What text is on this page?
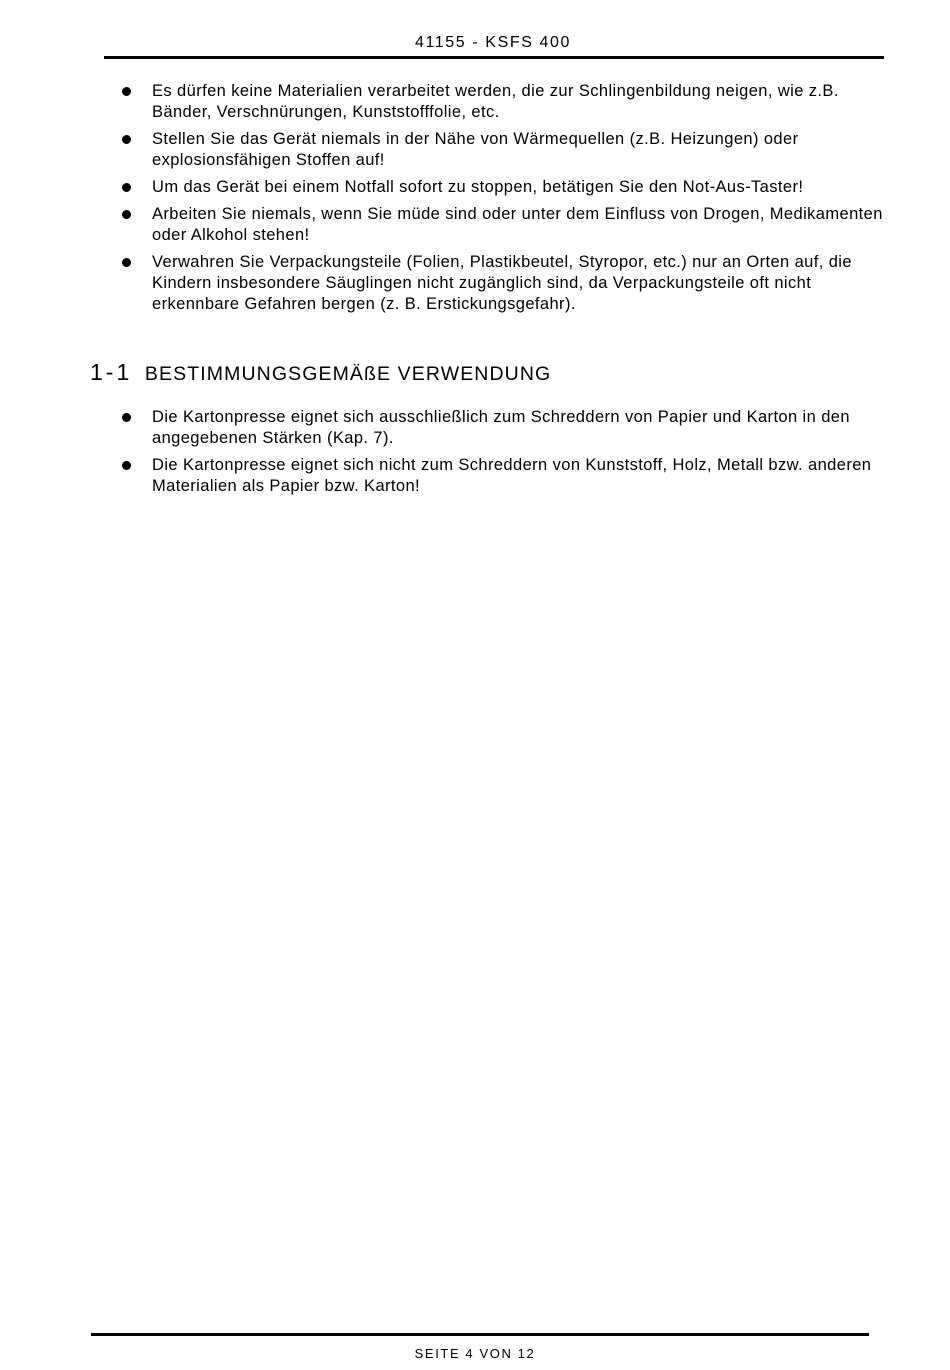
41155 - KSFS 400
Es dürfen keine Materialien verarbeitet werden, die zur Schlingenbildung neigen, wie z.B. Bänder, Verschnürungen, Kunststofffolie, etc.
Stellen Sie das Gerät niemals in der Nähe von Wärmequellen (z.B. Heizungen) oder explosionsfähigen Stoffen auf!
Um das Gerät bei einem Notfall sofort zu stoppen, betätigen Sie den Not-Aus-Taster!
Arbeiten Sie niemals, wenn Sie müde sind oder unter dem Einfluss von Drogen, Medikamenten oder Alkohol stehen!
Verwahren Sie Verpackungsteile (Folien, Plastikbeutel, Styropor, etc.) nur an Orten auf, die Kindern insbesondere Säuglingen nicht zugänglich sind, da Verpackungsteile oft nicht erkennbare Gefahren bergen (z. B. Erstickungsgefahr).
1-1 BESTIMMUNGSGEMÄßE VERWENDUNG
Die Kartonpresse eignet sich ausschließlich zum Schreddern von Papier und Karton in den angegebenen Stärken (Kap. 7).
Die Kartonpresse eignet sich nicht zum Schreddern von Kunststoff, Holz, Metall bzw. anderen Materialien als Papier bzw. Karton!
SEITE 4 VON 12
